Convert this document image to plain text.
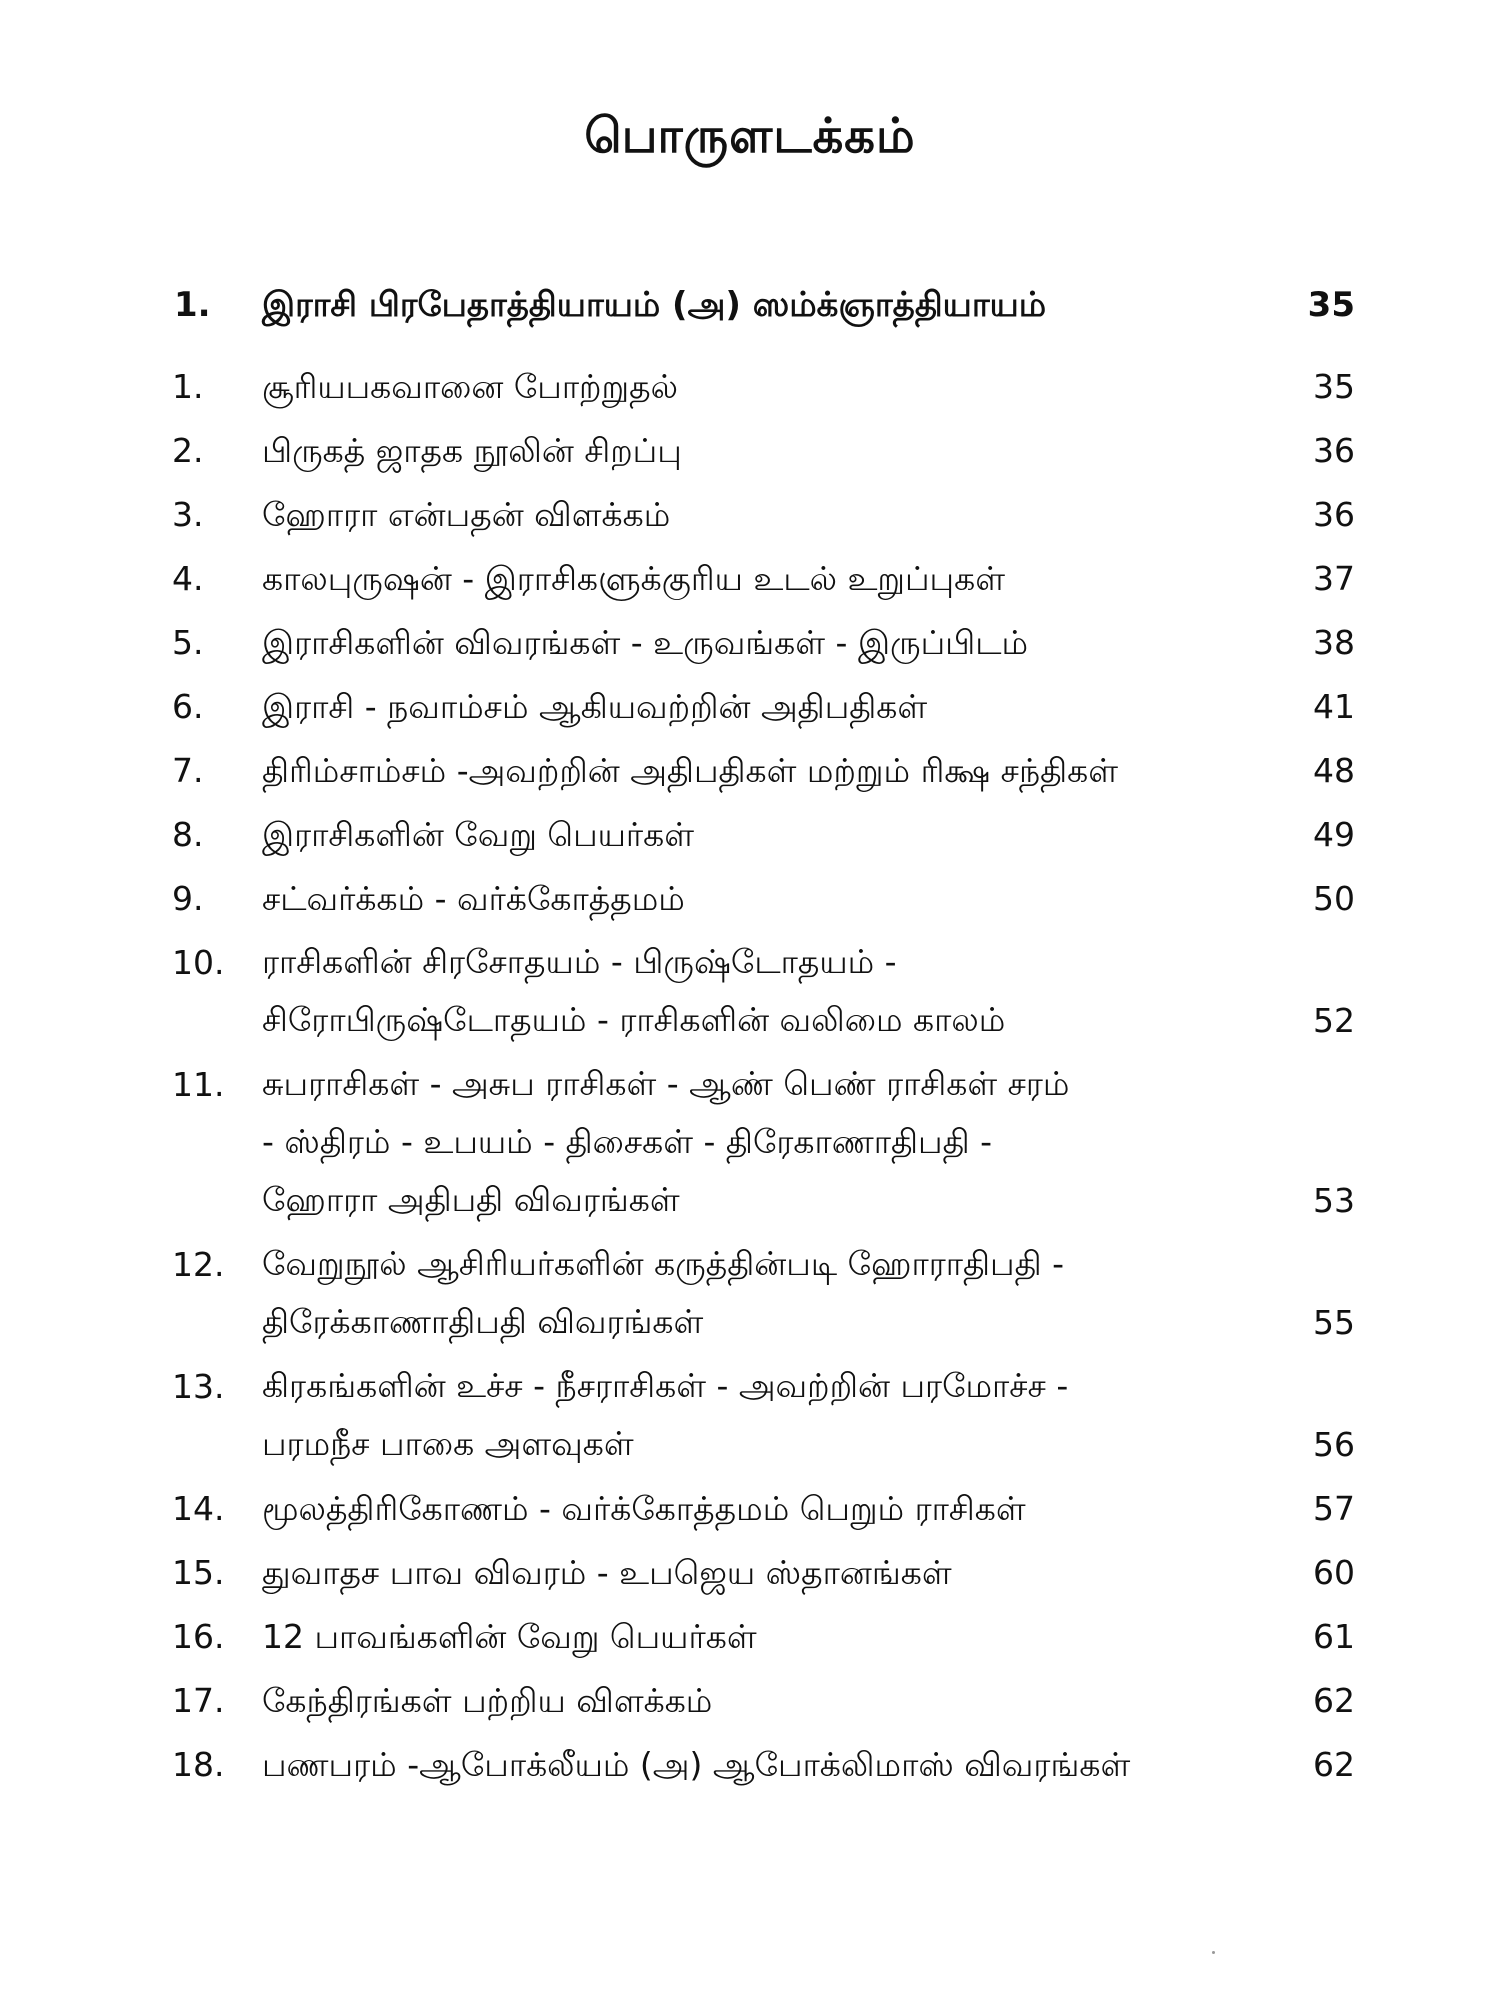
பொருளடக்கம்
1. இராசி பிரபேதாத்தியாயம் (அ) ஸம்க்ஞாத்தியாயம்	35
1. சூரியபகவானை போற்றுதல்	35
2. பிருகத் ஜாதக நூலின் சிறப்பு	36
3. ஹோரா என்பதன் விளக்கம்	36
4. காலபுருஷன் - இராசிகளுக்குரிய உடல் உறுப்புகள்	37
5. இராசிகளின் விவரங்கள் - உருவங்கள் - இருப்பிடம்	38
6. இராசி - நவாம்சம் ஆகியவற்றின் அதிபதிகள்	41
7. திரிம்சாம்சம் -அவற்றின் அதிபதிகள் மற்றும் ரிக்ஷ சந்திகள்	48
8. இராசிகளின் வேறு பெயர்கள்	49
9. சட்வர்க்கம் - வர்க்கோத்தமம்	50
10. ராசிகளின் சிரசோதயம் - பிருஷ்டோதயம் -
சிரோபிருஷ்டோதயம் - ராசிகளின் வலிமை காலம்	52
11. சுபராசிகள் - அசுப ராசிகள் - ஆண் பெண் ராசிகள் சரம்
- ஸ்திரம் - உபயம் - திசைகள் - திரேகாணாதிபதி -
ஹோரா அதிபதி விவரங்கள்	53
12. வேறுநூல் ஆசிரியர்களின் கருத்தின்படி ஹோராதிபதி -
திரேக்காணாதிபதி விவரங்கள்	55
13. கிரகங்களின் உச்ச - நீசராசிகள் - அவற்றின் பரமோச்ச -
பரமநீச பாகை அளவுகள்	56
14. மூலத்திரிகோணம் - வர்க்கோத்தமம் பெறும் ராசிகள்	57
15. துவாதச பாவ விவரம் - உபஜெய ஸ்தானங்கள்	60
16. 12 பாவங்களின் வேறு பெயர்கள்	61
17. கேந்திரங்கள் பற்றிய விளக்கம்	62
18. பணபரம் -ஆபோக்லீயம் (அ) ஆபோக்லிமாஸ் விவரங்கள்	62
